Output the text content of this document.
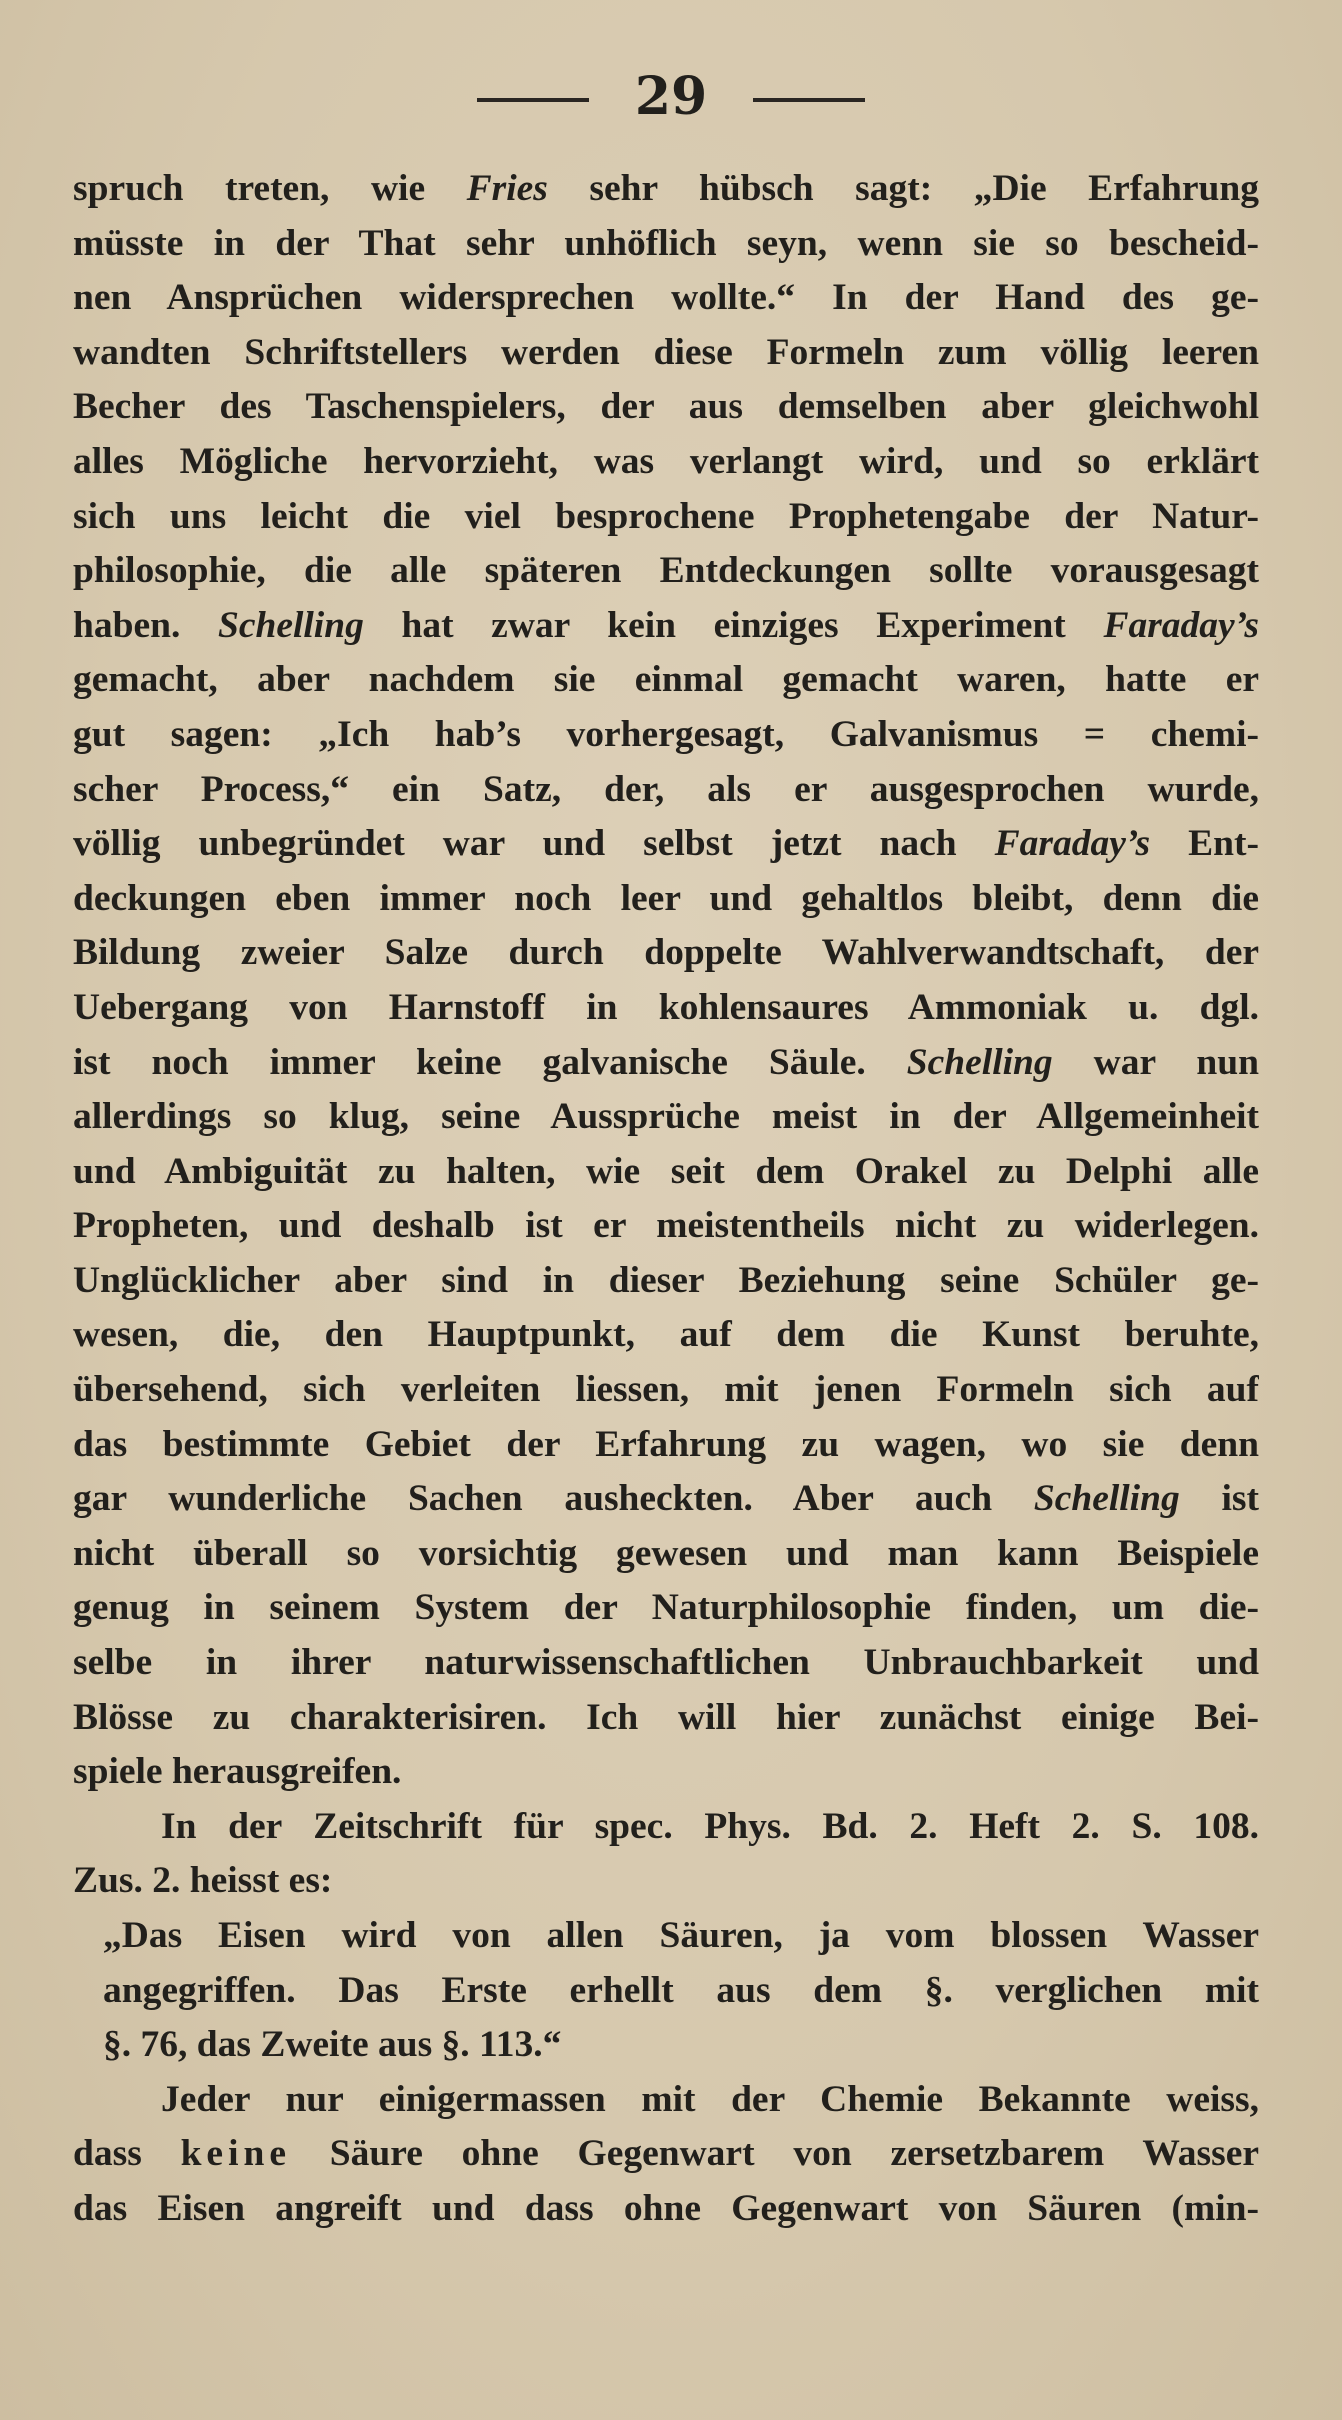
29
spruch treten, wie Fries sehr hübsch sagt: „Die Erfahrung
müsste in der That sehr unhöflich seyn, wenn sie so bescheid-
nen Ansprüchen widersprechen wollte.“ In der Hand des ge-
wandten Schriftstellers werden diese Formeln zum völlig leeren
Becher des Taschenspielers, der aus demselben aber gleichwohl
alles Mögliche hervorzieht, was verlangt wird, und so erklärt
sich uns leicht die viel besprochene Prophetengabe der Natur-
philosophie, die alle späteren Entdeckungen sollte vorausgesagt
haben. Schelling hat zwar kein einziges Experiment Faraday’s
gemacht, aber nachdem sie einmal gemacht waren, hatte er
gut sagen: „Ich hab’s vorhergesagt, Galvanismus = chemi-
scher Process,“ ein Satz, der, als er ausgesprochen wurde,
völlig unbegründet war und selbst jetzt nach Faraday’s Ent-
deckungen eben immer noch leer und gehaltlos bleibt, denn die
Bildung zweier Salze durch doppelte Wahlverwandtschaft, der
Uebergang von Harnstoff in kohlensaures Ammoniak u. dgl.
ist noch immer keine galvanische Säule. Schelling war nun
allerdings so klug, seine Aussprüche meist in der Allgemeinheit
und Ambiguität zu halten, wie seit dem Orakel zu Delphi alle
Propheten, und deshalb ist er meistentheils nicht zu widerlegen.
Unglücklicher aber sind in dieser Beziehung seine Schüler ge-
wesen, die, den Hauptpunkt, auf dem die Kunst beruhte,
übersehend, sich verleiten liessen, mit jenen Formeln sich auf
das bestimmte Gebiet der Erfahrung zu wagen, wo sie denn
gar wunderliche Sachen ausheckten. Aber auch Schelling ist
nicht überall so vorsichtig gewesen und man kann Beispiele
genug in seinem System der Naturphilosophie finden, um die-
selbe in ihrer naturwissenschaftlichen Unbrauchbarkeit und
Blösse zu charakterisiren. Ich will hier zunächst einige Bei-
spiele herausgreifen.
In der Zeitschrift für spec. Phys. Bd. 2. Heft 2. S. 108.
Zus. 2. heisst es:
„Das Eisen wird von allen Säuren, ja vom blossen Wasser
angegriffen. Das Erste erhellt aus dem §. verglichen mit
§. 76, das Zweite aus §. 113.“
Jeder nur einigermassen mit der Chemie Bekannte weiss,
dass keine Säure ohne Gegenwart von zersetzbarem Wasser
das Eisen angreift und dass ohne Gegenwart von Säuren (min-
